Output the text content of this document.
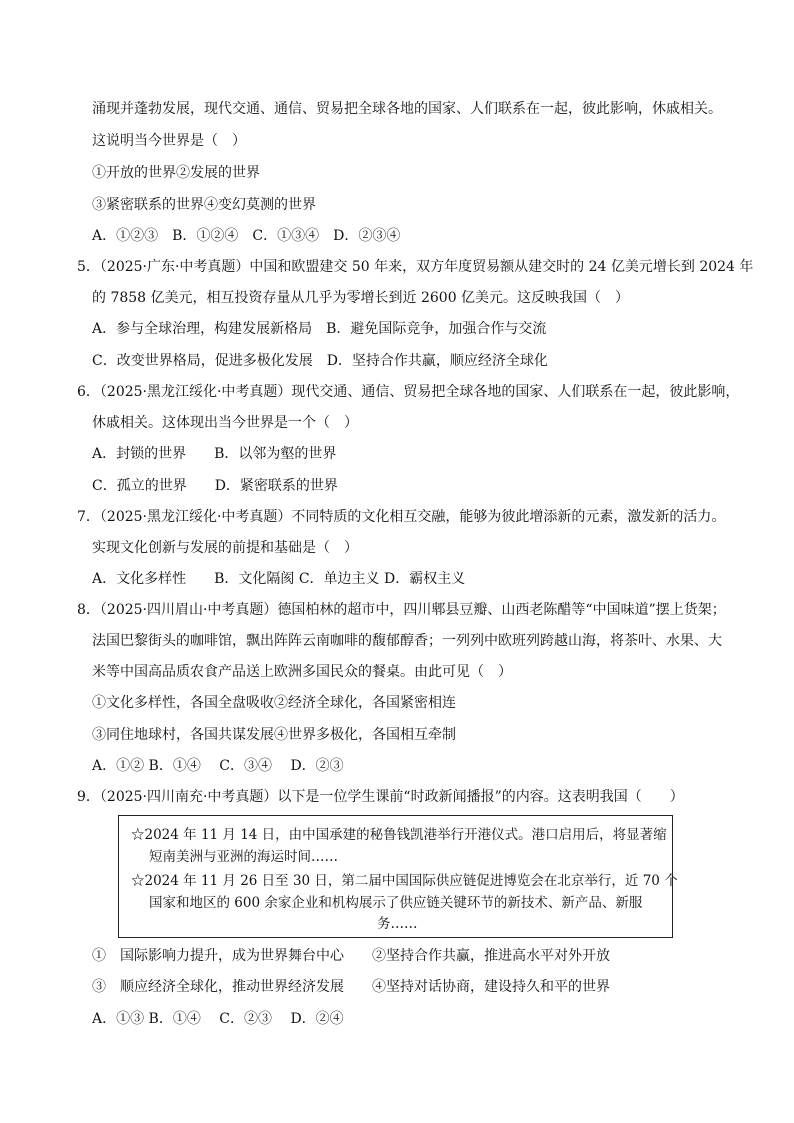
涌现并蓬勃发展，现代交通、通信、贸易把全球各地的国家、人们联系在一起，彼此影响，休戚相关。
这说明当今世界是（　）
①开放的世界②发展的世界
③紧密联系的世界④变幻莫测的世界
A．①②③　B．①②④　C．①③④　D．②③④
5．（2025·广东·中考真题）中国和欧盟建交 50 年来，双方年度贸易额从建交时的 24 亿美元增长到 2024 年
的 7858 亿美元，相互投资存量从几乎为零增长到近 2600 亿美元。这反映我国（　）
A．参与全球治理，构建发展新格局　B．避免国际竞争，加强合作与交流
C．改变世界格局，促进多极化发展　D．坚持合作共赢，顺应经济全球化
6．（2025·黑龙江绥化·中考真题）现代交通、通信、贸易把全球各地的国家、人们联系在一起，彼此影响，
休戚相关。这体现出当今世界是一个（　）
A．封锁的世界　　B．以邻为壑的世界
C．孤立的世界　　D．紧密联系的世界
7．（2025·黑龙江绥化·中考真题）不同特质的文化相互交融，能够为彼此增添新的元素，激发新的活力。
实现文化创新与发展的前提和基础是（　）
A．文化多样性　　B．文化隔阂 C．单边主义 D．霸权主义
8．（2025·四川眉山·中考真题）德国柏林的超市中，四川郫县豆瓣、山西老陈醋等“中国味道”摆上货架；
法国巴黎街头的咖啡馆，飘出阵阵云南咖啡的馥郁醇香；一列列中欧班列跨越山海，将茶叶、水果、大
米等中国高品质农食产品送上欧洲多国民众的餐桌。由此可见（　）
①文化多样性，各国全盘吸收②经济全球化，各国紧密相连
③同住地球村，各国共谋发展④世界多极化，各国相互牵制
A．①② B．①④　 C．③④　 D．②③
9．（2025·四川南充·中考真题）以下是一位学生课前“时政新闻播报”的内容。这表明我国（　　）
☆2024 年 11 月 14 日，由中国承建的秘鲁钱凯港举行开港仪式。港口启用后，将显著缩
短南美洲与亚洲的海运时间……
☆2024 年 11 月 26 日至 30 日，第二届中国国际供应链促进博览会在北京举行，近 70 个
国家和地区的 600 余家企业和机构展示了供应链关键环节的新技术、新产品、新服
务……
①　国际影响力提升，成为世界舞台中心　　②坚持合作共赢，推进高水平对外开放
③　顺应经济全球化，推动世界经济发展　　④坚持对话协商，建设持久和平的世界
A．①③ B．①④　 C．②③　 D．②④
